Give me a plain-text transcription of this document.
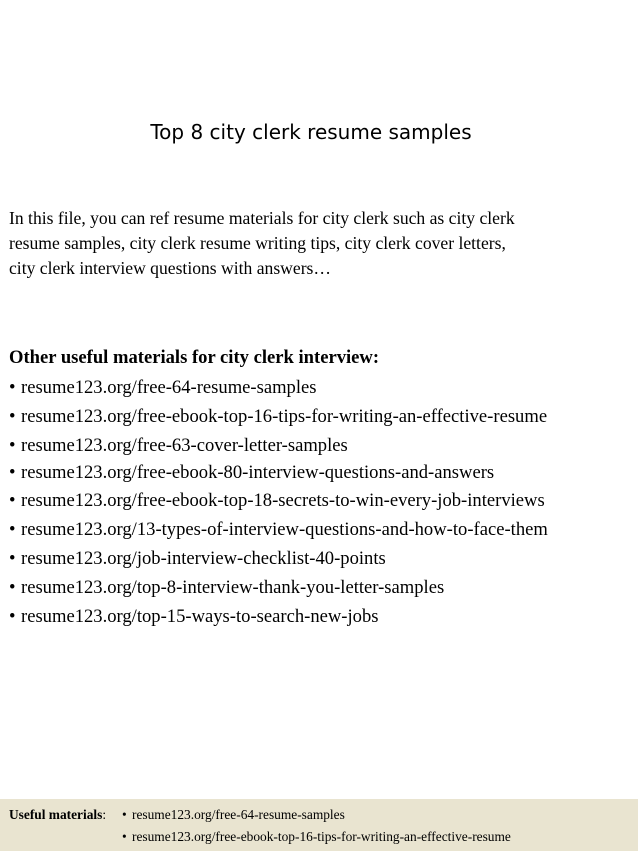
Top 8 city clerk resume samples
In this file, you can ref resume materials for city clerk such as city clerk
resume samples, city clerk resume writing tips, city clerk cover letters,
city clerk interview questions with answers…
Other useful materials for city clerk interview:
• resume123.org/free-64-resume-samples
• resume123.org/free-ebook-top-16-tips-for-writing-an-effective-resume
• resume123.org/free-63-cover-letter-samples
• resume123.org/free-ebook-80-interview-questions-and-answers
• resume123.org/free-ebook-top-18-secrets-to-win-every-job-interviews
• resume123.org/13-types-of-interview-questions-and-how-to-face-them
• resume123.org/job-interview-checklist-40-points
• resume123.org/top-8-interview-thank-you-letter-samples
• resume123.org/top-15-ways-to-search-new-jobs
Useful materials: • resume123.org/free-64-resume-samples
• resume123.org/free-ebook-top-16-tips-for-writing-an-effective-resume
